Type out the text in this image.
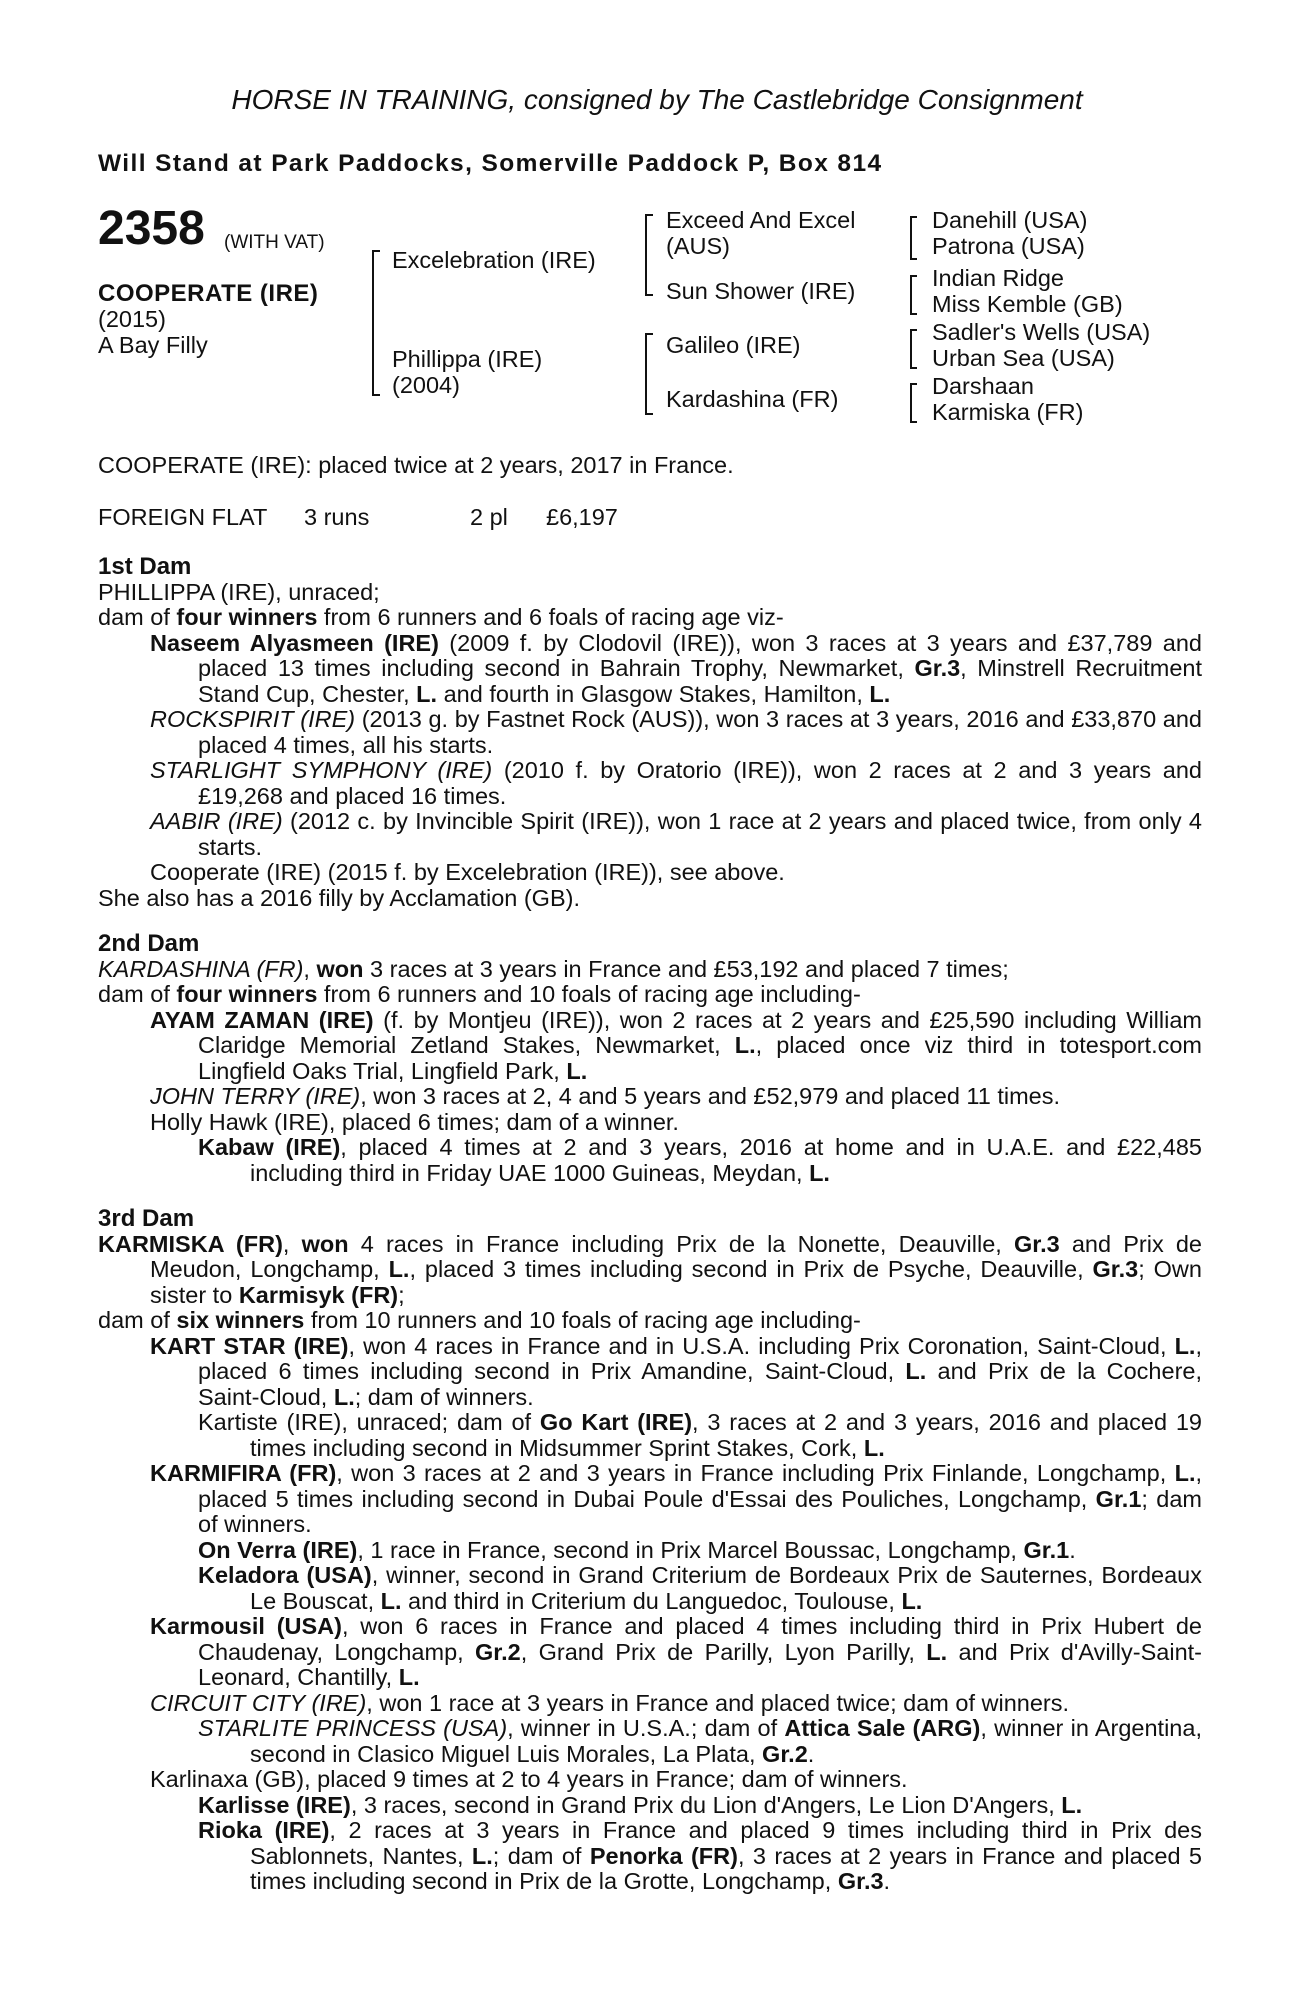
HORSE IN TRAINING, consigned by The Castlebridge Consignment
Will Stand at Park Paddocks, Somerville Paddock P, Box 814
2358 (WITH VAT)
COOPERATE (IRE)
(2015)
A Bay Filly
Excelebration (IRE)
Phillippa (IRE)
(2004)
Exceed And Excel
(AUS)
Sun Shower (IRE)
Galileo (IRE)
Kardashina (FR)
Danehill (USA)
Patrona (USA)
Indian Ridge
Miss Kemble (GB)
Sadler's Wells (USA)
Urban Sea (USA)
Darshaan
Karmiska (FR)
COOPERATE (IRE): placed twice at 2 years, 2017 in France.
FOREIGN FLAT 3 runs	2 pl £6,197

1st Dam

PHILLIPPA (IRE), unraced;

dam of four winners from 6 runners and 6 foals of racing age viz-

Naseem Alyasmeen (IRE) (2009 f. by Clodovil (IRE)), won 3 races at 3 years and £37,789 and placed 13 times including second in Bahrain Trophy, Newmarket, Gr.3, Minstrell Recruitment Stand Cup, Chester, L. and fourth in Glasgow Stakes, Hamilton, L.

ROCKSPIRIT (IRE) (2013 g. by Fastnet Rock (AUS)), won 3 races at 3 years, 2016 and £33,870 and placed 4 times, all his starts.

STARLIGHT SYMPHONY (IRE) (2010 f. by Oratorio (IRE)), won 2 races at 2 and 3 years and £19,268 and placed 16 times.

AABIR (IRE) (2012 c. by Invincible Spirit (IRE)), won 1 race at 2 years and placed twice, from only 4 starts.

Cooperate (IRE) (2015 f. by Excelebration (IRE)), see above.

She also has a 2016 filly by Acclamation (GB).

2nd Dam

KARDASHINA (FR), won 3 races at 3 years in France and £53,192 and placed 7 times;

dam of four winners from 6 runners and 10 foals of racing age including-

AYAM ZAMAN (IRE) (f. by Montjeu (IRE)), won 2 races at 2 years and £25,590 including William Claridge Memorial Zetland Stakes, Newmarket, L., placed once viz third in totesport.com Lingfield Oaks Trial, Lingfield Park, L.

JOHN TERRY (IRE), won 3 races at 2, 4 and 5 years and £52,979 and placed 11 times.

Holly Hawk (IRE), placed 6 times; dam of a winner.

Kabaw (IRE), placed 4 times at 2 and 3 years, 2016 at home and in U.A.E. and £22,485 including third in Friday UAE 1000 Guineas, Meydan, L.

3rd Dam

KARMISKA (FR), won 4 races in France including Prix de la Nonette, Deauville, Gr.3 and Prix de Meudon, Longchamp, L., placed 3 times including second in Prix de Psyche, Deauville, Gr.3; Own sister to Karmisyk (FR);

dam of six winners from 10 runners and 10 foals of racing age including-

KART STAR (IRE), won 4 races in France and in U.S.A. including Prix Coronation, Saint-Cloud, L., placed 6 times including second in Prix Amandine, Saint-Cloud, L. and Prix de la Cochere, Saint-Cloud, L.; dam of winners.

Kartiste (IRE), unraced; dam of Go Kart (IRE), 3 races at 2 and 3 years, 2016 and placed 19 times including second in Midsummer Sprint Stakes, Cork, L.

KARMIFIRA (FR), won 3 races at 2 and 3 years in France including Prix Finlande, Longchamp, L., placed 5 times including second in Dubai Poule d'Essai des Pouliches, Longchamp, Gr.1; dam of winners.

On Verra (IRE), 1 race in France, second in Prix Marcel Boussac, Longchamp, Gr.1.

Keladora (USA), winner, second in Grand Criterium de Bordeaux Prix de Sauternes, Bordeaux Le Bouscat, L. and third in Criterium du Languedoc, Toulouse, L.

Karmousil (USA), won 6 races in France and placed 4 times including third in Prix Hubert de Chaudenay, Longchamp, Gr.2, Grand Prix de Parilly, Lyon Parilly, L. and Prix d'Avilly-Saint-Leonard, Chantilly, L.

CIRCUIT CITY (IRE), won 1 race at 3 years in France and placed twice; dam of winners.

STARLITE PRINCESS (USA), winner in U.S.A.; dam of Attica Sale (ARG), winner in Argentina, second in Clasico Miguel Luis Morales, La Plata, Gr.2.

Karlinaxa (GB), placed 9 times at 2 to 4 years in France; dam of winners.

Karlisse (IRE), 3 races, second in Grand Prix du Lion d'Angers, Le Lion D'Angers, L.

Rioka (IRE), 2 races at 3 years in France and placed 9 times including third in Prix des Sablonnets, Nantes, L.; dam of Penorka (FR), 3 races at 2 years in France and placed 5 times including second in Prix de la Grotte, Longchamp, Gr.3.
